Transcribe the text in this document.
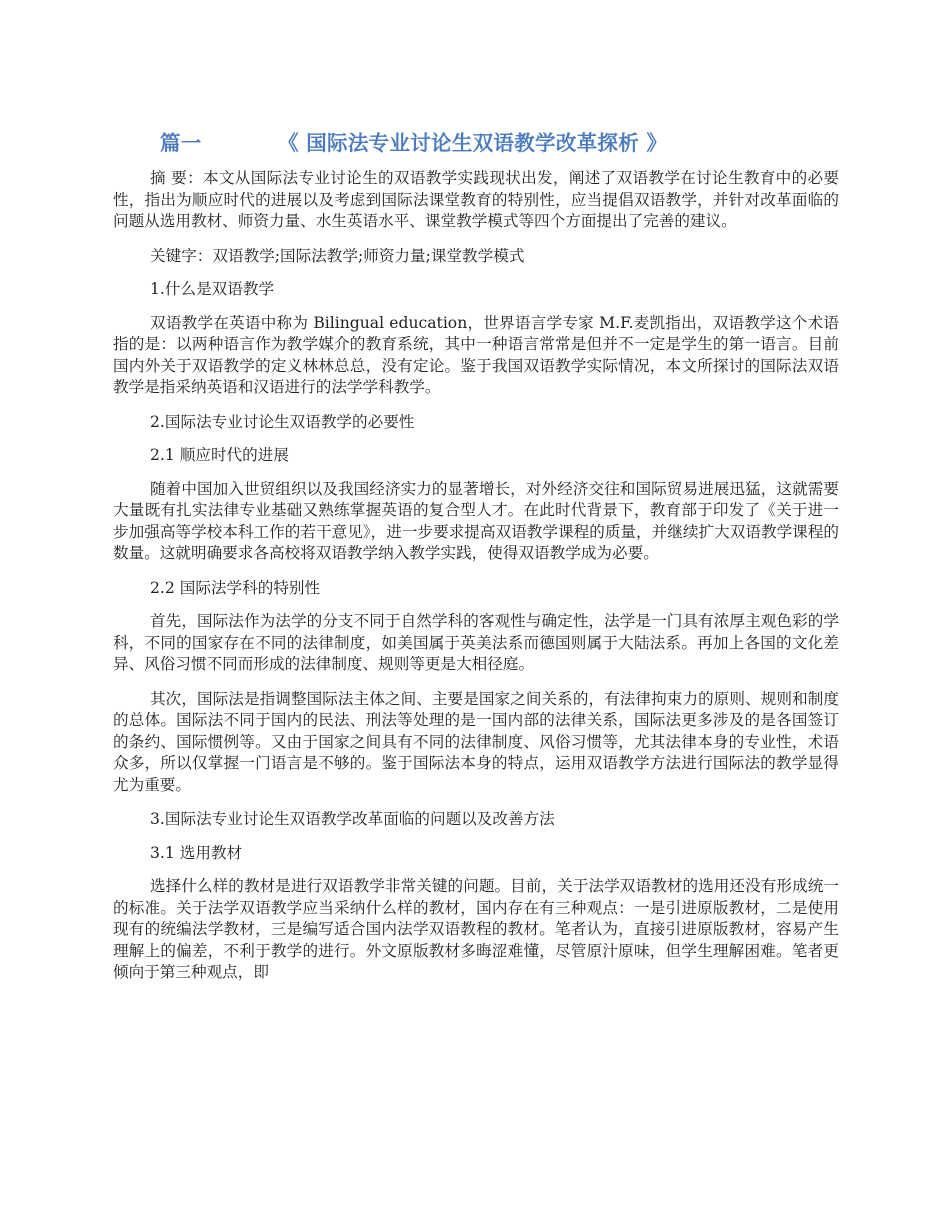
篇一	《 国际法专业讨论生双语教学改革探析 》

摘 要：本文从国际法专业讨论生的双语教学实践现状出发，阐述了双语教学在讨论生教育中的必要性，指出为顺应时代的进展以及考虑到国际法课堂教育的特别性，应当提倡双语教学，并针对改革面临的问题从选用教材、师资力量、水生英语水平、课堂教学模式等四个方面提出了完善的建议。

关键字：双语教学;国际法教学;师资力量;课堂教学模式

1.什么是双语教学

双语教学在英语中称为 Bilingual education，世界语言学专家 M.F.麦凯指出，双语教学这个术语指的是：以两种语言作为教学媒介的教育系统，其中一种语言常常是但并不一定是学生的第一语言。目前国内外关于双语教学的定义林林总总，没有定论。鉴于我国双语教学实际情况，本文所探讨的国际法双语教学是指采纳英语和汉语进行的法学学科教学。

2.国际法专业讨论生双语教学的必要性

2.1 顺应时代的进展

随着中国加入世贸组织以及我国经济实力的显著增长，对外经济交往和国际贸易进展迅猛，这就需要大量既有扎实法律专业基础又熟练掌握英语的复合型人才。在此时代背景下，教育部于印发了《关于进一步加强高等学校本科工作的若干意见》，进一步要求提高双语教学课程的质量，并继续扩大双语教学课程的数量。这就明确要求各高校将双语教学纳入教学实践，使得双语教学成为必要。

2.2 国际法学科的特别性

首先，国际法作为法学的分支不同于自然学科的客观性与确定性，法学是一门具有浓厚主观色彩的学科，不同的国家存在不同的法律制度，如美国属于英美法系而德国则属于大陆法系。再加上各国的文化差异、风俗习惯不同而形成的法律制度、规则等更是大相径庭。

其次，国际法是指调整国际法主体之间、主要是国家之间关系的，有法律拘束力的原则、规则和制度的总体。国际法不同于国内的民法、刑法等处理的是一国内部的法律关系，国际法更多涉及的是各国签订的条约、国际惯例等。又由于国家之间具有不同的法律制度、风俗习惯等，尤其法律本身的专业性，术语众多，所以仅掌握一门语言是不够的。鉴于国际法本身的特点，运用双语教学方法进行国际法的教学显得尤为重要。

3.国际法专业讨论生双语教学改革面临的问题以及改善方法

3.1 选用教材

选择什么样的教材是进行双语教学非常关键的问题。目前，关于法学双语教材的选用还没有形成统一的标准。关于法学双语教学应当采纳什么样的教材，国内存在有三种观点：一是引进原版教材，二是使用现有的统编法学教材，三是编写适合国内法学双语教程的教材。笔者认为，直接引进原版教材，容易产生理解上的偏差，不利于教学的进行。外文原版教材多晦涩难懂，尽管原汁原味，但学生理解困难。笔者更倾向于第三种观点，即
